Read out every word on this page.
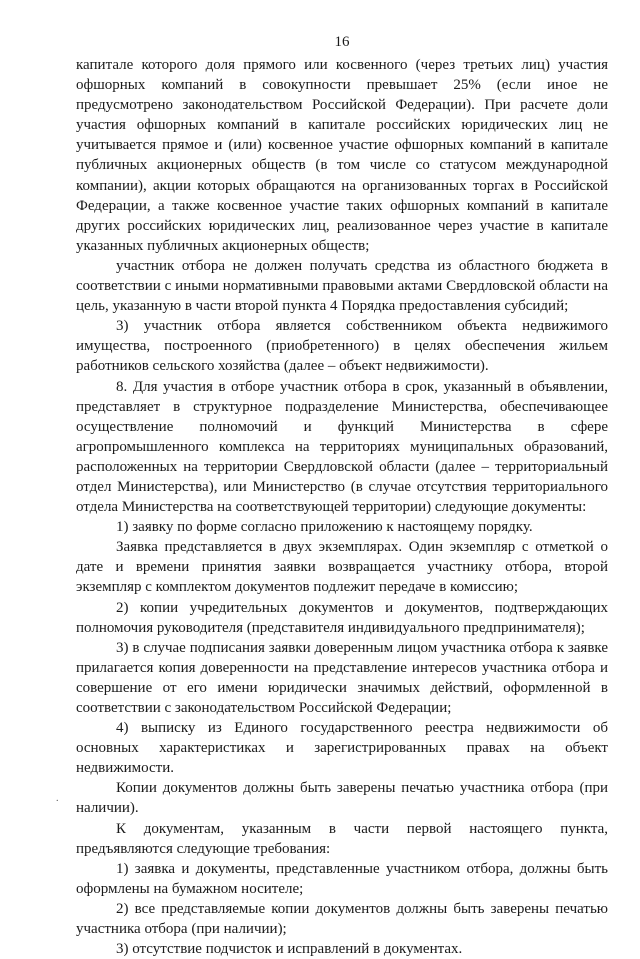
16

капитале которого доля прямого или косвенного (через третьих лиц) участия офшорных компаний в совокупности превышает 25% (если иное не предусмотрено законодательством Российской Федерации). При расчете доли участия офшорных компаний в капитале российских юридических лиц не учитывается прямое и (или) косвенное участие офшорных компаний в капитале публичных акционерных обществ (в том числе со статусом международной компании), акции которых обращаются на организованных торгах в Российской Федерации, а также косвенное участие таких офшорных компаний в капитале других российских юридических лиц, реализованное через участие в капитале указанных публичных акционерных обществ;

участник отбора не должен получать средства из областного бюджета в соответствии с иными нормативными правовыми актами Свердловской области на цель, указанную в части второй пункта 4 Порядка предоставления субсидий;

3) участник отбора является собственником объекта недвижимого имущества, построенного (приобретенного) в целях обеспечения жильем работников сельского хозяйства (далее – объект недвижимости).

8. Для участия в отборе участник отбора в срок, указанный в объявлении, представляет в структурное подразделение Министерства, обеспечивающее осуществление полномочий и функций Министерства в сфере агропромышленного комплекса на территориях муниципальных образований, расположенных на территории Свердловской области (далее – территориальный отдел Министерства), или Министерство (в случае отсутствия территориального отдела Министерства на соответствующей территории) следующие документы:

1) заявку по форме согласно приложению к настоящему порядку.

Заявка представляется в двух экземплярах. Один экземпляр с отметкой о дате и времени принятия заявки возвращается участнику отбора, второй экземпляр с комплектом документов подлежит передаче в комиссию;

2) копии учредительных документов и документов, подтверждающих полномочия руководителя (представителя индивидуального предпринимателя);

3) в случае подписания заявки доверенным лицом участника отбора к заявке прилагается копия доверенности на представление интересов участника отбора и совершение от его имени юридически значимых действий, оформленной в соответствии с законодательством Российской Федерации;

4) выписку из Единого государственного реестра недвижимости об основных характеристиках и зарегистрированных правах на объект недвижимости.

Копии документов должны быть заверены печатью участника отбора (при наличии).

К документам, указанным в части первой настоящего пункта, предъявляются следующие требования:

1) заявка и документы, представленные участником отбора, должны быть оформлены на бумажном носителе;

2) все представляемые копии документов должны быть заверены печатью участника отбора (при наличии);

3) отсутствие подчисток и исправлений в документах.

.
